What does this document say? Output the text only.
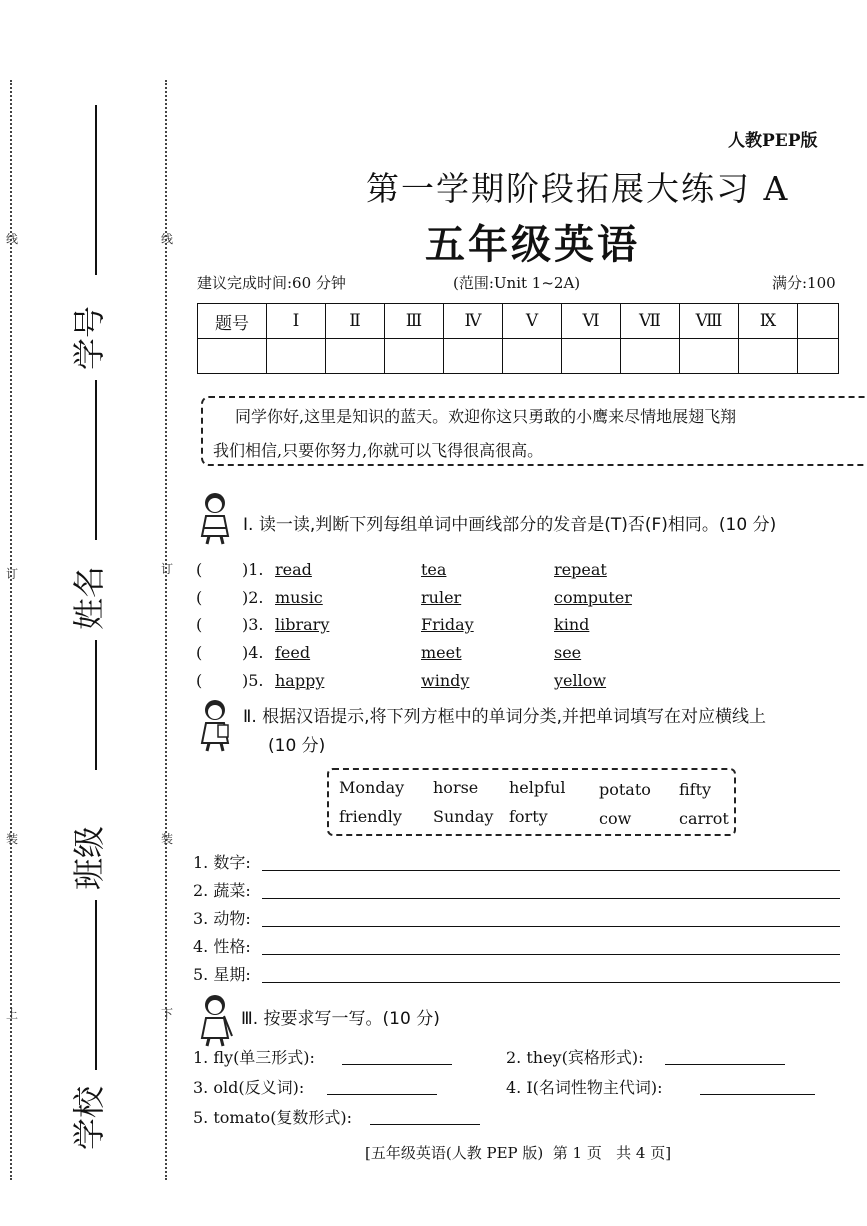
线
订
装
上
线
订
装
下
学号
姓名
班级
学校
人教PEP版
第一学期阶段拓展大练习 A
五年级英语
建议完成时间:60 分钟	(范围:Unit 1~2A)	满分:100
题号	Ⅰ	Ⅱ	Ⅲ	Ⅳ	Ⅴ	Ⅵ	Ⅶ	Ⅷ	Ⅸ	

同学你好,这里是知识的蓝天。欢迎你这只勇敢的小鹰来尽情地展翅飞翔
我们相信,只要你努力,你就可以飞得很高很高。
Ⅰ. 读一读,判断下列每组单词中画线部分的发音是(T)否(F)相同。(10 分)
( )1. read	tea	repeat
( )2. music	ruler	computer
( )3. library	Friday	kind
( )4. feed	meet	see
( )5. happy	windy	yellow
Ⅱ. 根据汉语提示,将下列方框中的单词分类,并把单词填写在对应横线上
(10 分)
Monday horse helpful potato fifty
friendly Sunday forty	cow	carrot
1. 数字:
2. 蔬菜:
3. 动物:
4. 性格:
5. 星期:
Ⅲ. 按要求写一写。(10 分)
1. fly(单三形式):	2. they(宾格形式):
3. old(反义词):	4. I(名词性物主代词):
5. tomato(复数形式):
[五年级英语(人教 PEP 版)  第 1 页   共 4 页]
